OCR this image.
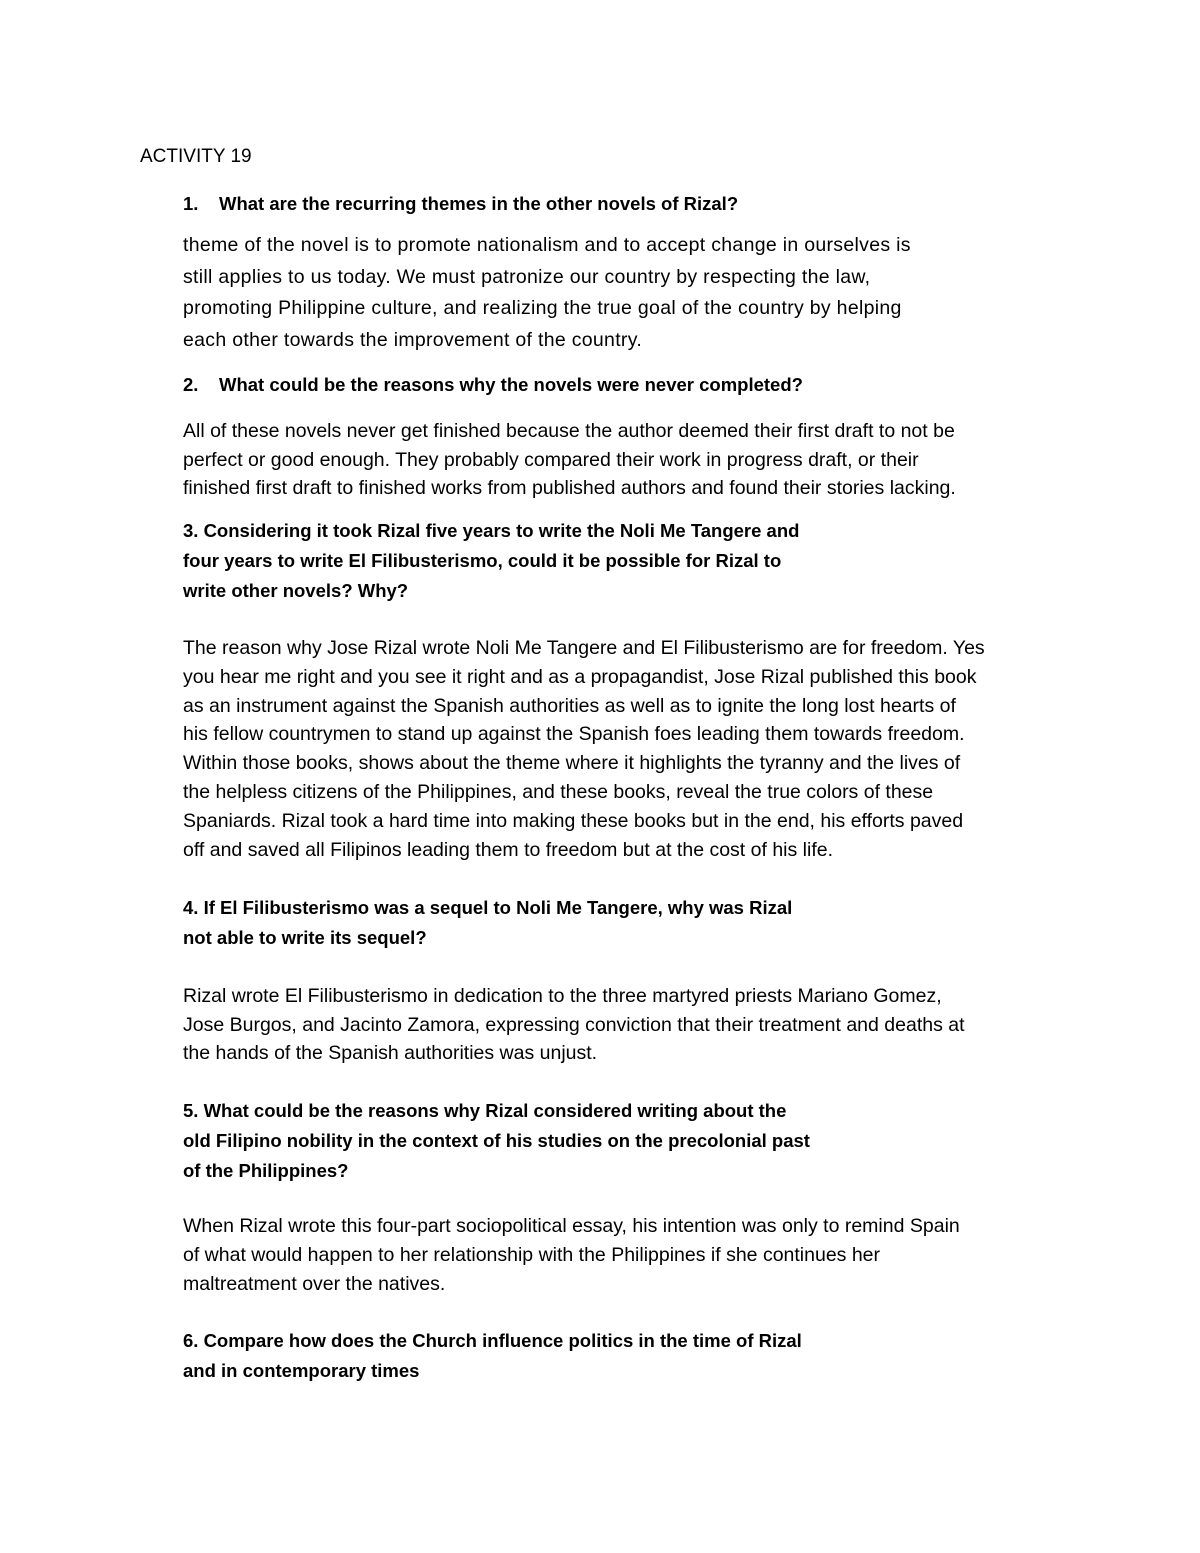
ACTIVITY 19
1. What are the recurring themes in the other novels of Rizal?

theme of the novel is to promote nationalism and to accept change in ourselves is
still applies to us today. We must patronize our country by respecting the law,
promoting Philippine culture, and realizing the true goal of the country by helping
each other towards the improvement of the country.

2. What could be the reasons why the novels were never completed?

All of these novels never get finished because the author deemed their first draft to not be
perfect or good enough. They probably compared their work in progress draft, or their
finished first draft to finished works from published authors and found their stories lacking.

3. Considering it took Rizal five years to write the Noli Me Tangere and
four years to write El Filibusterismo, could it be possible for Rizal to
write other novels? Why?

The reason why Jose Rizal wrote Noli Me Tangere and El Filibusterismo are for freedom. Yes
you hear me right and you see it right and as a propagandist, Jose Rizal published this book
as an instrument against the Spanish authorities as well as to ignite the long lost hearts of
his fellow countrymen to stand up against the Spanish foes leading them towards freedom.
Within those books, shows about the theme where it highlights the tyranny and the lives of
the helpless citizens of the Philippines, and these books, reveal the true colors of these
Spaniards. Rizal took a hard time into making these books but in the end, his efforts paved
off and saved all Filipinos leading them to freedom but at the cost of his life.

4. If El Filibusterismo was a sequel to Noli Me Tangere, why was Rizal
not able to write its sequel?

Rizal wrote El Filibusterismo in dedication to the three martyred priests Mariano Gomez,
Jose Burgos, and Jacinto Zamora, expressing conviction that their treatment and deaths at
the hands of the Spanish authorities was unjust.

5. What could be the reasons why Rizal considered writing about the
old Filipino nobility in the context of his studies on the precolonial past
of the Philippines?

When Rizal wrote this four-part sociopolitical essay, his intention was only to remind Spain
of what would happen to her relationship with the Philippines if she continues her
maltreatment over the natives.

6. Compare how does the Church influence politics in the time of Rizal
and in contemporary times
